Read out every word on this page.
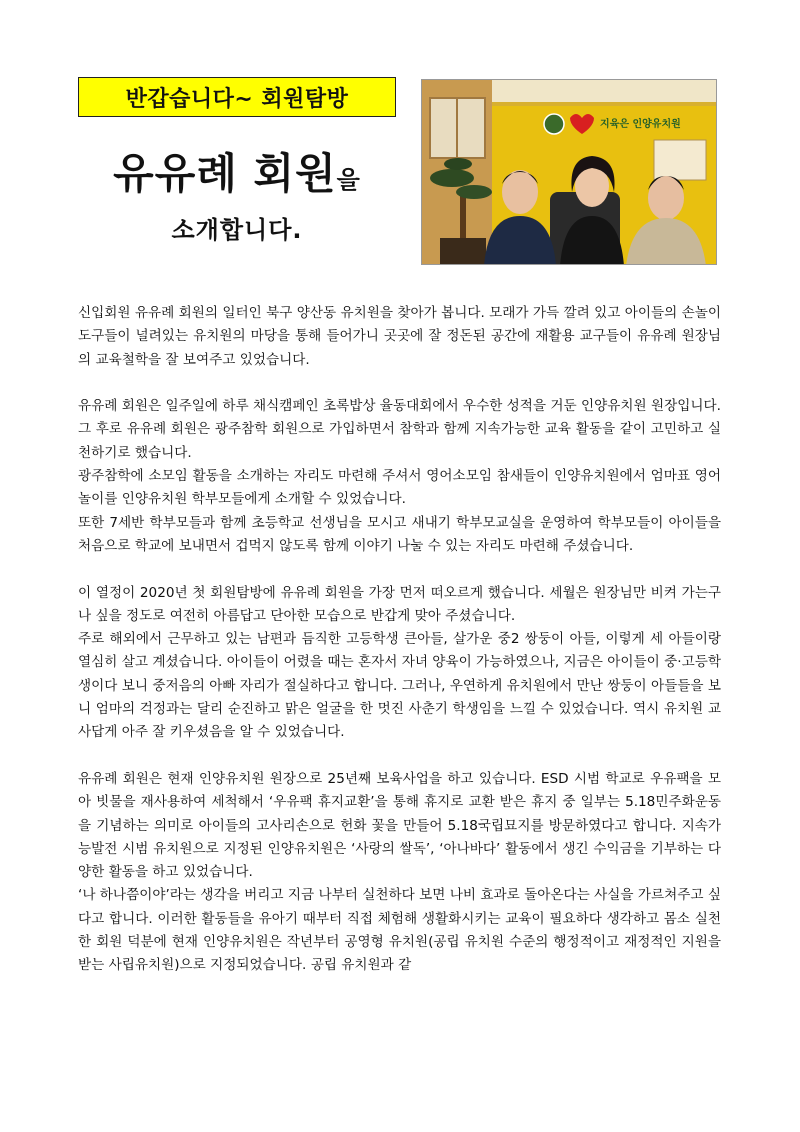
반갑습니다~ 회원탐방
유유례 회원을
소개합니다.
지육은 인양유치원

신입회원 유유례 회원의 일터인 북구 양산동 유치원을 찾아가 봅니다. 모래가 가득 깔려 있고 아이들의 손놀이 도구들이 널려있는 유치원의 마당을 통해 들어가니 곳곳에 잘 정돈된 공간에 재활용 교구들이 유유례 원장님의 교육철학을 잘 보여주고 있었습니다.

유유례 회원은 일주일에 하루 채식캠페인 초록밥상 율동대회에서 우수한 성적을 거둔 인양유치원 원장입니다. 그 후로 유유례 회원은 광주참학 회원으로 가입하면서 참학과 함께 지속가능한 교육 활동을 같이 고민하고 실천하기로 했습니다.

광주참학에 소모임 활동을 소개하는 자리도 마련해 주셔서 영어소모임 참새들이 인양유치원에서 엄마표 영어놀이를 인양유치원 학부모들에게 소개할 수 있었습니다.

또한 7세반 학부모들과 함께 초등학교 선생님을 모시고 새내기 학부모교실을 운영하여 학부모들이 아이들을 처음으로 학교에 보내면서 겁먹지 않도록 함께 이야기 나눌 수 있는 자리도 마련해 주셨습니다.

이 열정이 2020년 첫 회원탐방에 유유례 회원을 가장 먼저 떠오르게 했습니다. 세월은 원장님만 비켜 가는구나 싶을 정도로 여전히 아름답고 단아한 모습으로 반갑게 맞아 주셨습니다.

주로 해외에서 근무하고 있는 남편과 듬직한 고등학생 큰아들, 살가운 중2 쌍둥이 아들, 이렇게 세 아들이랑 열심히 살고 계셨습니다. 아이들이 어렸을 때는 혼자서 자녀 양육이 가능하였으나, 지금은 아이들이 중·고등학생이다 보니 중저음의 아빠 자리가 절실하다고 합니다. 그러나, 우연하게 유치원에서 만난 쌍둥이 아들들을 보니 엄마의 걱정과는 달리 순진하고 맑은 얼굴을 한 멋진 사춘기 학생임을 느낄 수 있었습니다. 역시 유치원 교사답게 아주 잘 키우셨음을 알 수 있었습니다.

유유례 회원은 현재 인양유치원 원장으로 25년째 보육사업을 하고 있습니다. ESD 시범 학교로 우유팩을 모아 빗물을 재사용하여 세척해서 ‘우유팩 휴지교환’을 통해 휴지로 교환 받은 휴지 중 일부는 5.18민주화운동을 기념하는 의미로 아이들의 고사리손으로 헌화 꽃을 만들어 5.18국립묘지를 방문하였다고 합니다. 지속가능발전 시범 유치원으로 지정된 인양유치원은 ‘사랑의 쌀독’, ‘아나바다’ 활동에서 생긴 수익금을 기부하는 다양한 활동을 하고 있었습니다.

‘나 하나쯤이야’라는 생각을 버리고 지금 나부터 실천하다 보면 나비 효과로 돌아온다는 사실을 가르쳐주고 싶다고 합니다. 이러한 활동들을 유아기 때부터 직접 체험해 생활화시키는 교육이 필요하다 생각하고 몸소 실천한 회원 덕분에 현재 인양유치원은 작년부터 공영형 유치원(공립 유치원 수준의 행정적이고 재정적인 지원을 받는 사립유치원)으로 지정되었습니다. 공립 유치원과 같
